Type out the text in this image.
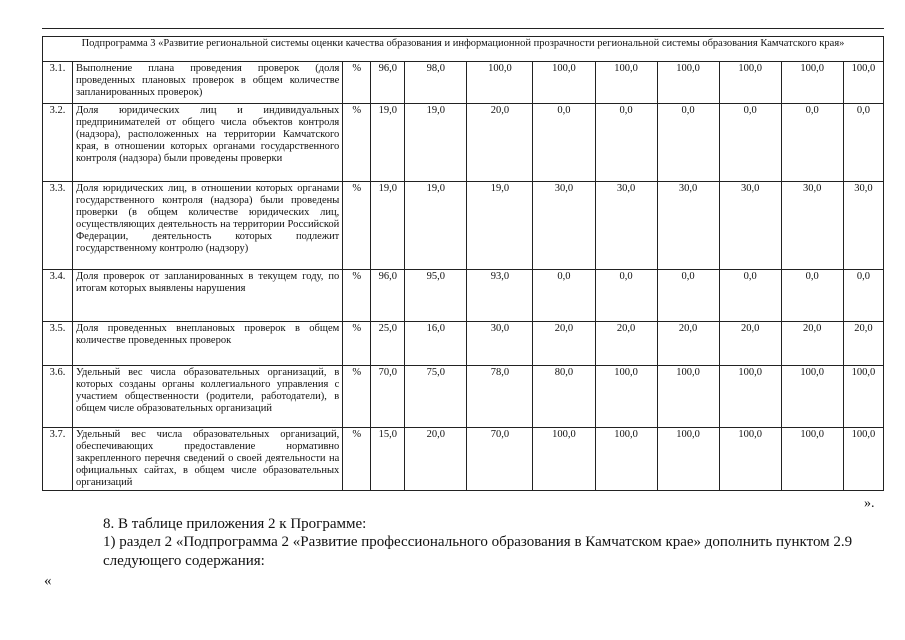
Подпрограмма 3 «Развитие региональной системы оценки качества образования и информационной прозрачности региональной системы образования Камчатского края»											
3.1.	Выполнение плана проведения проверок (доля проведенных плановых проверок в общем количестве запланированных проверок)	%	96,0	98,0	100,0	100,0	100,0	100,0	100,0	100,0	100,0
3.2.	Доля юридических лиц и индивидуальных предпринимателей от общего числа объектов контроля (надзора), расположенных на территории Камчатского края, в отношении которых органами государственного контроля (надзора) были проведены проверки	%	19,0	19,0	20,0	0,0	0,0	0,0	0,0	0,0	0,0
3.3.	Доля юридических лиц, в отношении которых органами государственного контроля (надзора) были проведены проверки (в общем количестве юридических лиц, осуществляющих деятельность на территории Российской Федерации, деятельность которых подлежит государственному контролю (надзору)	%	19,0	19,0	19,0	30,0	30,0	30,0	30,0	30,0	30,0
3.4.	Доля проверок от запланированных в текущем году, по итогам которых выявлены нарушения	%	96,0	95,0	93,0	0,0	0,0	0,0	0,0	0,0	0,0
3.5.	Доля проведенных внеплановых проверок в общем количестве проведенных проверок	%	25,0	16,0	30,0	20,0	20,0	20,0	20,0	20,0	20,0
3.6.	Удельный вес числа образовательных организаций, в которых созданы органы коллегиального управления с участием общественности (родители, работодатели), в общем числе образовательных организаций	%	70,0	75,0	78,0	80,0	100,0	100,0	100,0	100,0	100,0
3.7.	Удельный вес числа образовательных организаций, обеспечивающих предоставление нормативно закрепленного перечня сведений о своей деятельности на официальных сайтах, в общем числе образовательных организаций	%	15,0	20,0	70,0	100,0	100,0	100,0	100,0	100,0	100,0
».
8. В таблице приложения 2 к Программе:
1) раздел 2 «Подпрограмма 2 «Развитие профессионального образования в Камчатском крае» дополнить пунктом 2.9
следующего содержания:
«
